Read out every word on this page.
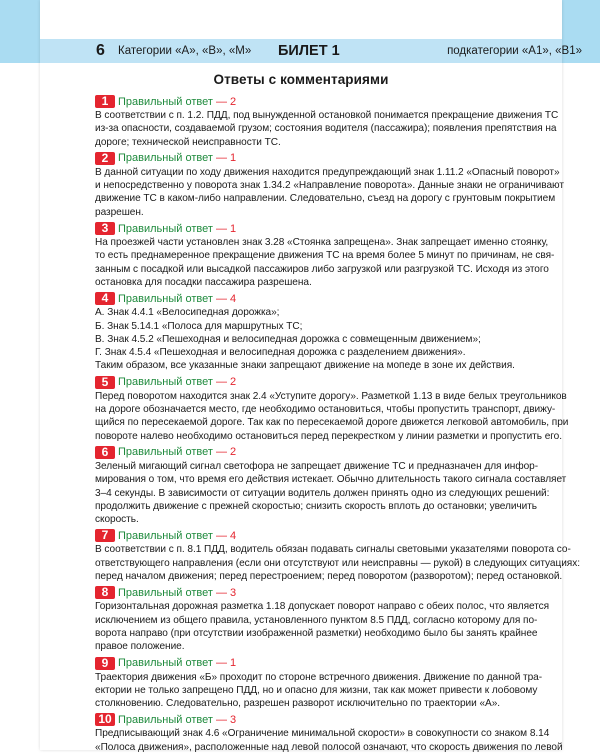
6 Категории «А», «В», «M» БИЛЕТ 1	подкатегории «А1», «В1»
Ответы с комментариями
1 Правильный ответ — 2
В соответствии с п. 1.2. ПДД, под вынужденной остановкой понимается прекращение движения ТС
из-за опасности, создаваемой грузом; состояния водителя (пассажира); появления препятствия на
дороге; технической неисправности ТС.
2 Правильный ответ — 1
В данной ситуации по ходу движения находится предупреждающий знак 1.11.2 «Опасный поворот»
и непосредственно у поворота знак 1.34.2 «Направление поворота». Данные знаки не ограничивают
движение ТС в каком-либо направлении. Следовательно, съезд на дорогу с грунтовым покрытием
разрешен.
3 Правильный ответ — 1
На проезжей части установлен знак 3.28 «Стоянка запрещена». Знак запрещает именно стоянку,
то есть преднамеренное прекращение движения ТС на время более 5 минут по причинам, не свя-
занным с посадкой или высадкой пассажиров либо загрузкой или разгрузкой ТС. Исходя из этого
остановка для посадки пассажира разрешена.
4 Правильный ответ — 4
А. Знак 4.4.1 «Велосипедная дорожка»;
Б. Знак 5.14.1 «Полоса для маршрутных ТС;
В. Знак 4.5.2 «Пешеходная и велосипедная дорожка с совмещенным движением»;
Г. Знак 4.5.4 «Пешеходная и велосипедная дорожка с разделением движения».
Таким образом, все указанные знаки запрещают движение на мопеде в зоне их действия.
5 Правильный ответ — 2
Перед поворотом находится знак 2.4 «Уступите дорогу». Разметкой 1.13 в виде белых треугольников
на дороге обозначается место, где необходимо остановиться, чтобы пропустить транспорт, движу-
щийся по пересекаемой дороге. Так как по пересекаемой дороге движется легковой автомобиль, при
повороте налево необходимо остановиться перед перекрестком у линии разметки и пропустить его.
6 Правильный ответ — 2
Зеленый мигающий сигнал светофора не запрещает движение ТС и предназначен для инфор-
мирования о том, что время его действия истекает. Обычно длительность такого сигнала составляет
3–4 секунды. В зависимости от ситуации водитель должен принять одно из следующих решений:
продолжить движение с прежней скоростью; снизить скорость вплоть до остановки; увеличить
скорость.
7 Правильный ответ — 4
В соответствии с п. 8.1 ПДД, водитель обязан подавать сигналы световыми указателями поворота со-
ответствующего направления (если они отсутствуют или неисправны — рукой) в следующих ситуациях:
перед началом движения; перед перестроением; перед поворотом (разворотом); перед остановкой.
8 Правильный ответ — 3
Горизонтальная дорожная разметка 1.18 допускает поворот направо с обеих полос, что является
исключением из общего правила, установленного пунктом 8.5 ПДД, согласно которому для по-
ворота направо (при отсутствии изображенной разметки) необходимо было бы занять крайнее
правое положение.
9 Правильный ответ — 1
Траектория движения «Б» проходит по стороне встречного движения. Движение по данной тра-
ектории не только запрещено ПДД, но и опасно для жизни, так как может привести к лобовому
столкновению. Следовательно, разрешен разворот исключительно по траектории «А».
10 Правильный ответ — 3
Предписывающий знак 4.6 «Ограничение минимальной скорости» в совокупности со знаком 8.14
«Полоса движения», расположенные над левой полосой означают, что скорость движения по левой
